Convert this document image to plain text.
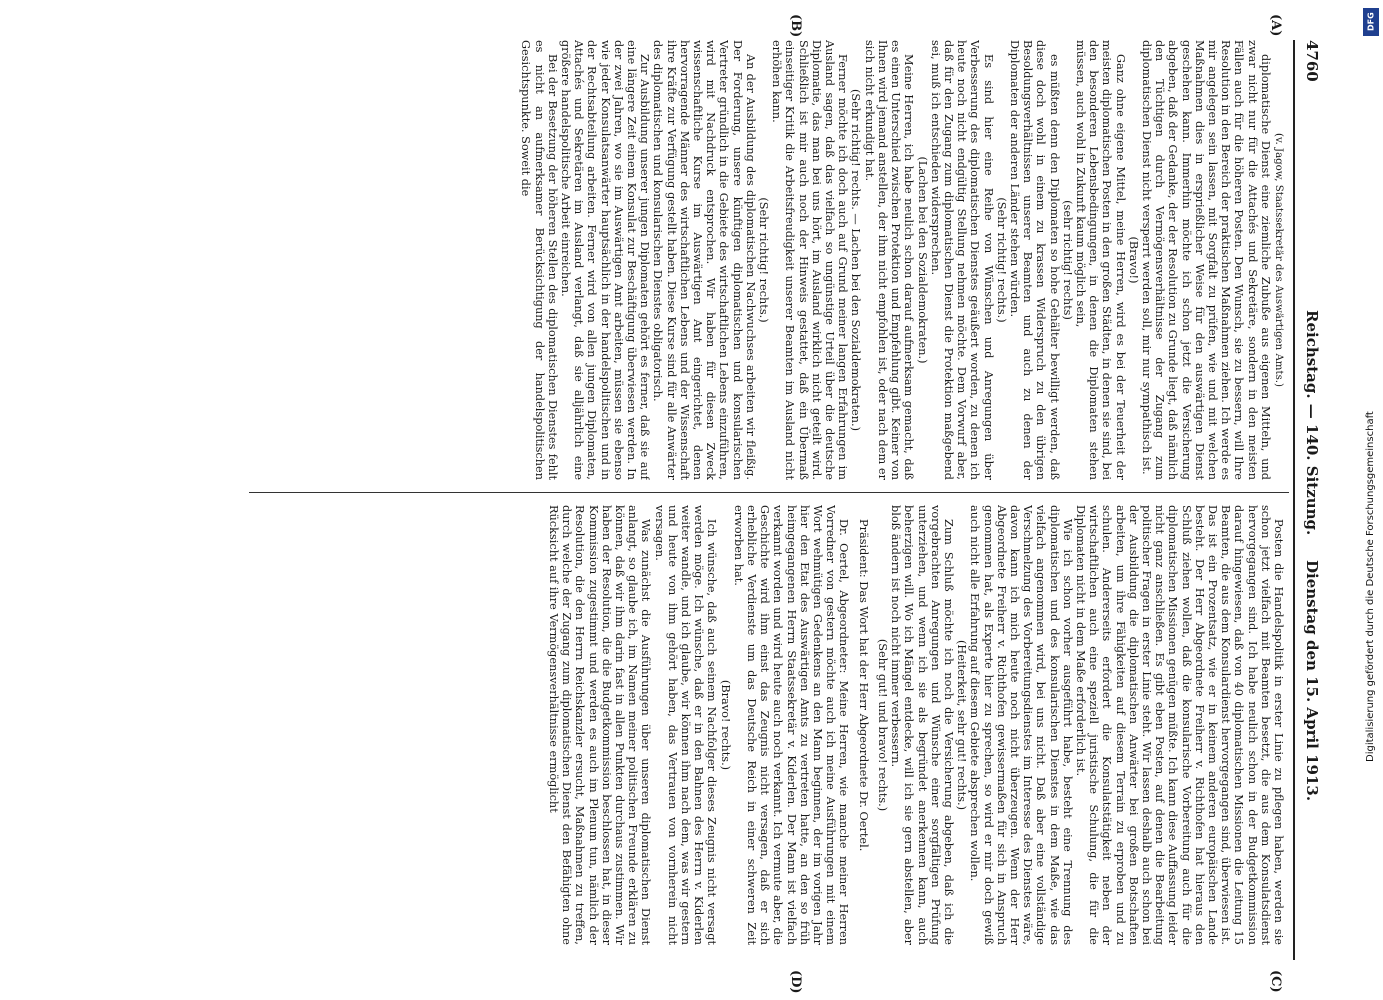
4760
Reichstag. — 140. Sitzung.
Dienstag den 15. April 1913.
(A)
(B)
(C)
(D)

(v. Jagow, Staatssekretär des Auswärtigen Amts.)

diplomatische Dienst eine ziemliche Zubuße aus eigenen Mitteln, und zwar nicht nur für die Attachés und Sekretäre, sondern in den meisten Fällen auch für die höheren Posten. Den Wunsch, sie zu bessern, will Ihre Resolution in den Bereich der praktischen Maßnahmen ziehen. Ich werde es mir angelegen sein lassen, mit Sorgfalt zu prüfen, wie und mit welchen Maßnahmen dies in ersprießlicher Weise für den auswärtigen Dienst geschehen kann. Immerhin möchte ich schon jetzt die Versicherung abgeben, daß der Gedanke, der der Resolution zu Grunde liegt, daß nämlich den Tüchtigen durch Vermögensverhältnisse der Zugang zum diplomatischen Dienst nicht versperrt werden soll, mir nur sympathisch ist.

(Bravo!)

Ganz ohne eigene Mittel, meine Herren, wird es bei der Teuerheit der meisten diplomatischen Posten in den großen Städten, in denen sie sind, bei den besonderen Lebensbedingungen, in denen die Diplomaten stehen müssen, auch wohl in Zukunft kaum möglich sein,

(sehr richtig! rechts)

es müßten denn den Diplomaten so hohe Gehälter bewilligt werden, daß diese doch wohl in einem zu krassen Widerspruch zu den übrigen Besoldungsverhältnissen unserer Beamten und auch zu denen der Diplomaten der anderen Länder stehen würden.

(Sehr richtig! rechts.)

Es sind hier eine Reihe von Wünschen und Anregungen über Verbesserung des diplomatischen Dienstes geäußert worden, zu denen ich heute noch nicht endgültig Stellung nehmen möchte. Dem Vorwurf aber, daß für den Zugang zum diplomatischen Dienst die Protektion maßgebend sei, muß ich entschieden widersprechen.

(Lachen bei den Sozialdemokraten.)

Meine Herren, ich habe neulich schon darauf aufmerksam gemacht, daß es einen Unterschied zwischen Protektion und Empfehlung gibt. Keiner von Ihnen wird jemand anstellen, der ihm nicht empfohlen ist, oder nach dem er sich nicht erkundigt hat.

(Sehr richtig! rechts. — Lachen bei den Sozialdemokraten.)

Ferner möchte ich doch auch auf Grund meiner langen Erfahrungen im Ausland sagen, daß das vielfach so ungünstige Urteil über die deutsche Diplomatie, das man bei uns hört, im Ausland wirklich nicht geteilt wird. Schließlich ist mir auch noch der Hinweis gestattet, daß ein Übermaß einseitiger Kritik die Arbeitsfreudigkeit unserer Beamten im Ausland nicht erhöhen kann.

(Sehr richtig! rechts.)

An der Ausbildung des diplomatischen Nachwuchses arbeiten wir fleißig. Der Forderung, unsere künftigen diplomatischen und konsularischen Vertreter gründlich in die Gebiete des wirtschaftlichen Lebens einzuführen, wird mit Nachdruck entsprochen. Wir haben für diesen Zweck wissenschaftliche Kurse im Auswärtigen Amt eingerichtet, denen hervorragende Männer des wirtschaftlichen Lebens und der Wissenschaft ihre Kräfte zur Verfügung gestellt haben. Diese Kurse sind für alle Anwärter des diplomatischen und konsularischen Dienstes obligatorisch.

Zur Ausbildung unserer jungen Diplomaten gehört es ferner, daß sie auf eine längere Zeit einem Konsulat zur Beschäftigung überwiesen werden. In der zwei Jahren, wo sie im Auswärtigen Amt arbeiten, müssen sie ebenso wie jeder Konsulatsanwärter hauptsächlich in der handelspolitischen und in der Rechtsabteilung arbeiten. Ferner wird von allen jungen Diplomaten, Attachés und Sekretären im Ausland verlangt, daß sie alljährlich eine größere handelspolitische Arbeit einreichen.

Bei der Besetzung der höheren Stellen des diplomatischen Dienstes fehlt es nicht an aufmerksamer Berücksichtigung der handelspolitischen Gesichtspunkte. Soweit die

Posten die Handelspolitik in erster Linie zu pflegen haben, werden sie schon jetzt vielfach mit Beamten besetzt, die aus dem Konsulatsdienst hervorgegangen sind. Ich habe neulich schon in der Budgetkommission darauf hingewiesen, daß von 40 diplomatischen Missionen die Leitung 15 Beamten, die aus dem Konsulardienst hervorgegangen sind, überwiesen ist. Das ist ein Prozentsatz, wie er in keinem anderen europäischen Lande besteht. Der Herr Abgeordnete Freiherr v. Richthofen hat hieraus den Schluß ziehen wollen, daß die konsularische Vorbereitung auch für die diplomatischen Missionen genügen müßte. Ich kann diese Auffassung leider nicht ganz anschließen. Es gibt eben Posten, auf denen die Bearbeitung politischer Fragen in erster Linie steht. Wir lassen deshalb auch schon bei der Ausbildung die diplomatischen Anwärter bei großen Botschaften arbeiten, um ihre Fähigkeiten auf diesem Terrain zu erproben und zu schulen. Andererseits erfordert die Konsulatstätigkeit neben der wirtschaftlichen auch eine speziell juristische Schulung, die für die Diplomaten nicht in dem Maße erforderlich ist.

Wie ich schon vorher ausgeführt habe, besteht eine Trennung des diplomatischen und des konsularischen Dienstes in dem Maße, wie das vielfach angenommen wird, bei uns nicht. Daß aber eine vollständige Verschmelzung des Vorbereitungsdienstes im Interesse des Dienstes wäre, davon kann ich mich heute noch nicht überzeugen. Wenn der Herr Abgeordnete Freiherr v. Richthofen gewissermaßen für sich in Anspruch genommen hat, als Experte hier zu sprechen, so wird er mir doch gewiß auch nicht alle Erfahrung auf diesem Gebiete absprechen wollen.

(Heiterkeit, sehr gut! rechts.)

Zum Schluß möchte ich noch die Versicherung abgeben, daß ich die vorgebrachten Anregungen und Wünsche einer sorgfältigen Prüfung unterziehen, und wenn ich sie als begründet anerkennen kann, auch beherzigen will. Wo ich Mängel entdecke, will ich sie gern abstellen, aber bloß ändern ist noch nicht immer verbessern.

(Sehr gut! und bravo! rechts.)

Präsident: Das Wort hat der Herr Abgeordnete Dr. Oertel.

Dr. Oertel, Abgeordneter: Meine Herren, wie manche meiner Herren Vorredner von gestern möchte auch ich meine Ausführungen mit einem Wort wehmütigen Gedenkens an den Mann beginnen, der im vorigen Jahr hier den Etat des Auswärtigen Amts zu vertreten hatte, an den so früh heimgegangenen Herrn Staatssekretär v. Kiderlen. Der Mann ist vielfach verkannt worden und wird heute auch noch verkannt. Ich vermute aber, die Geschichte wird ihm einst das Zeugnis nicht versagen, daß er sich erhebliche Verdienste um das Deutsche Reich in einer schweren Zeit erworben hat.

(Bravo! rechts.)

Ich wünsche, daß auch seinem Nachfolger dieses Zeugnis nicht versagt werden möge. Ich wünsche, daß er in den Bahnen des Herrn v. Kiderlen weiter wandle, und ich glaube, wir können ihm nach dem, was wir gestern und heute von ihm gehört haben, das Vertrauen von vornherein nicht versagen.

Was zunächst die Ausführungen über unseren diplomatischen Dienst anlangt, so glaube ich, im Namen meiner politischen Freunde erklären zu können, daß wir ihm darin fast in allen Punkten durchaus zustimmen. Wir haben der Resolution, die die Budgetkommission beschlossen hat, in dieser Kommission zugestimmt und werden es auch im Plenum tun, nämlich der Resolution, die den Herrn Reichskanzler ersucht, Maßnahmen zu treffen, durch welche der Zugang zum diplomatischen Dienst den Befähigten ohne Rücksicht auf ihre Vermögensverhältnisse ermöglicht

DFG
Digitalisierung gefördert durch die Deutsche Forschungsgemeinschaft
